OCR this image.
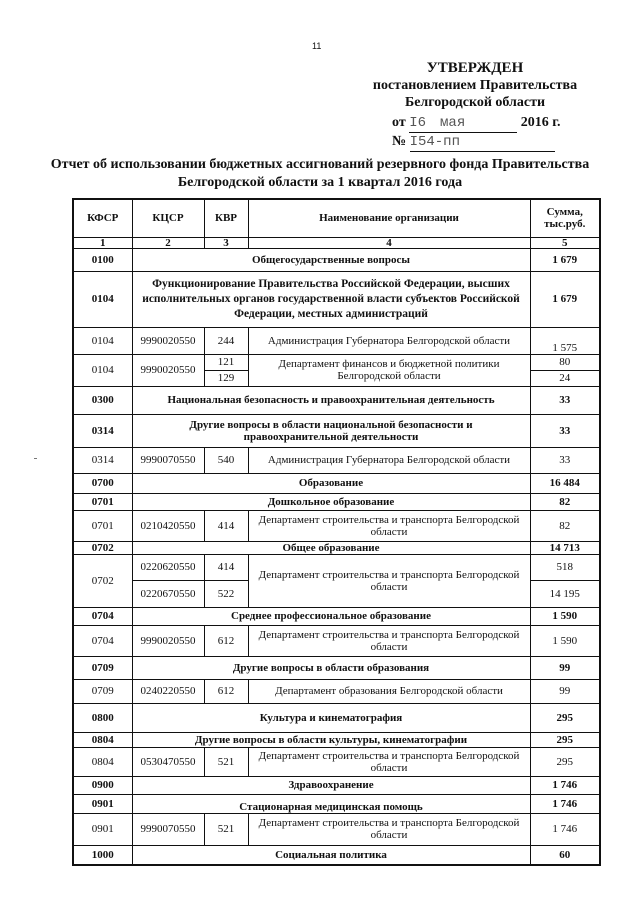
11
УТВЕРЖДЕН
постановлением Правительства
Белгородской области
от I6 мая	2016 г.
№ I54-пп
Отчет об использовании бюджетных ассигнований резервного фонда Правительства
Белгородской области за 1 квартал 2016 года
КФСР	КЦСР	КВР	Наименование организации	Сумма, тыс.руб.
1	2	3	4	5
0100	Общегосударственные вопросы			1 679
0104	Функционирование Правительства Российской Федерации, высших исполнительных органов государственной власти субъектов Российской Федерации, местных администраций			1 679
0104	9990020550	244	Администрация Губернатора Белгородской области	1 575
0104	9990020550	121	Департамент финансов и бюджетной политики Белгородской области	80
		129		24
0300	Национальная безопасность и правоохранительная деятельность			33
0314	Другие вопросы в области национальной безопасности и правоохранительной деятельности			33
0314	9990070550	540	Администрация Губернатора Белгородской области	33
0700	Образование			16 484
0701	Дошкольное образование			82
0701	0210420550	414	Департамент строительства и транспорта Белгородской области	82
0702	Общее образование			14 713
0702	0220620550	414	Департамент строительства и транспорта Белгородской области	518
	0220670550	522		14 195
0704	Среднее профессиональное образование			1 590
0704	9990020550	612	Департамент строительства и транспорта Белгородской области	1 590
0709	Другие вопросы в области образования			99
0709	0240220550	612	Департамент образования Белгородской области	99
0800	Культура и кинематография			295
0804	Другие вопросы в области культуры, кинематографии			295
0804	0530470550	521	Департамент строительства и транспорта Белгородской области	295
0900	Здравоохранение			1 746
0901	Стационарная медицинская помощь			1 746
0901	9990070550	521	Департамент строительства и транспорта Белгородской области	1 746
1000	Социальная политика			60
